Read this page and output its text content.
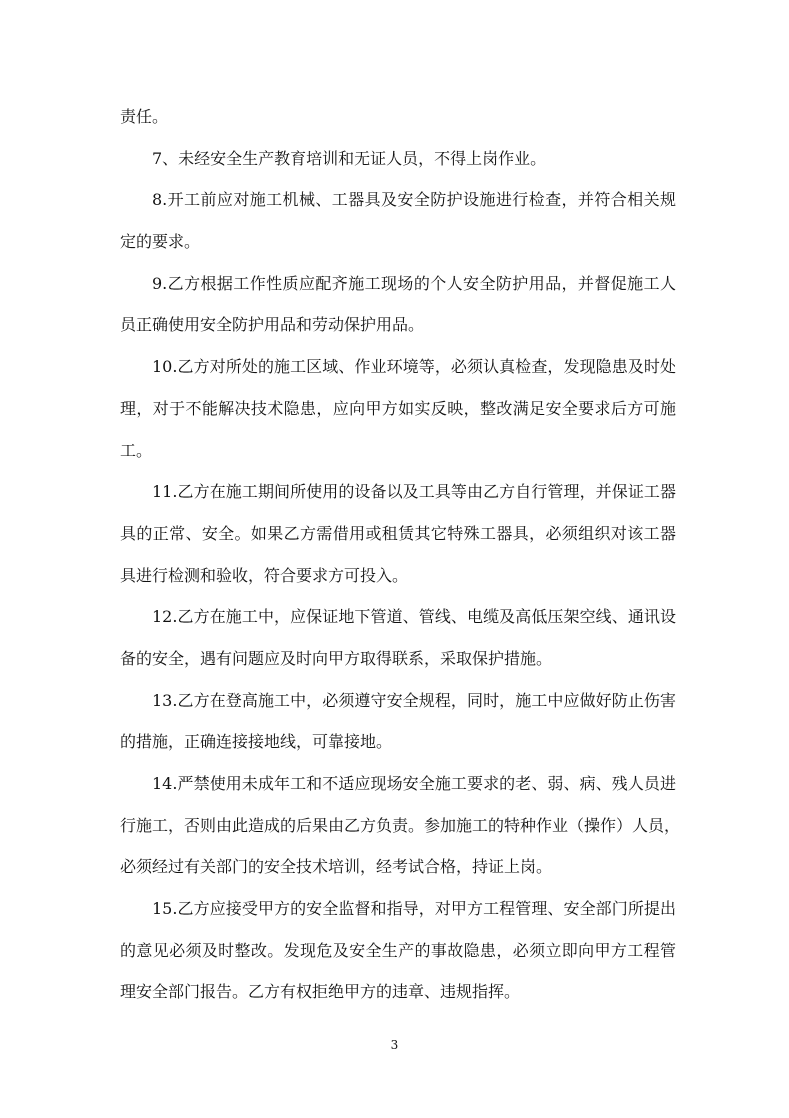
责任。
7、未经安全生产教育培训和无证人员，不得上岗作业。
8.开工前应对施工机械、工器具及安全防护设施进行检查，并符合相关规
定的要求。
9.乙方根据工作性质应配齐施工现场的个人安全防护用品，并督促施工人
员正确使用安全防护用品和劳动保护用品。
10.乙方对所处的施工区域、作业环境等，必须认真检查，发现隐患及时处
理，对于不能解决技术隐患，应向甲方如实反映，整改满足安全要求后方可施
工。
11.乙方在施工期间所使用的设备以及工具等由乙方自行管理，并保证工器
具的正常、安全。如果乙方需借用或租赁其它特殊工器具，必须组织对该工器
具进行检测和验收，符合要求方可投入。
12.乙方在施工中，应保证地下管道、管线、电缆及高低压架空线、通讯设
备的安全，遇有问题应及时向甲方取得联系，采取保护措施。
13.乙方在登高施工中，必须遵守安全规程，同时，施工中应做好防止伤害
的措施，正确连接接地线，可靠接地。
14.严禁使用未成年工和不适应现场安全施工要求的老、弱、病、残人员进
行施工，否则由此造成的后果由乙方负责。参加施工的特种作业（操作）人员，
必须经过有关部门的安全技术培训，经考试合格，持证上岗。
15.乙方应接受甲方的安全监督和指导，对甲方工程管理、安全部门所提出
的意见必须及时整改。发现危及安全生产的事故隐患，必须立即向甲方工程管
理安全部门报告。乙方有权拒绝甲方的违章、违规指挥。
3
